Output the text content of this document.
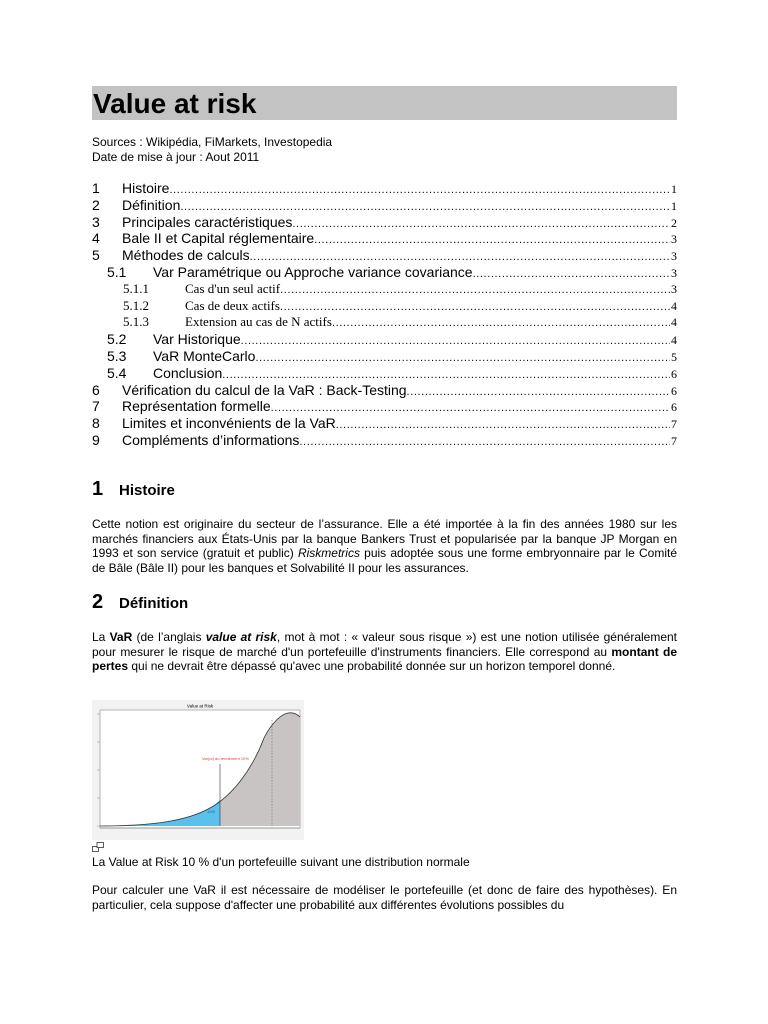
Value at risk
Sources : Wikipédia, FiMarkets, Investopedia
Date de mise à jour : Aout 2011
1	Histoire .....	1
2	Définition .....	1
3	Principales caractéristiques .....	2
4	Bale II et Capital réglementaire .....	3
5	Méthodes de calculs .....	3
5.1	Var Paramétrique ou Approche variance covariance .....	3
5.1.1	Cas d'un seul actif .....	3
5.1.2	Cas de deux actifs .....	4
5.1.3	Extension au cas de N actifs .....	4
5.2	Var Historique .....	4
5.3	VaR MonteCarlo .....	5
5.4	Conclusion .....	6
6	Vérification du calcul de la VaR : Back-Testing .....	6
7	Représentation formelle .....	6
8	Limites et inconvénients de la VaR .....	7
9	Compléments d’informations .....	7
1	Histoire

Cette notion est originaire du secteur de l’assurance. Elle a été importée à la fin des années 1980 sur les marchés financiers aux États-Unis par la banque Bankers Trust et popularisée par la banque JP Morgan en 1993 et son service (gratuit et public) Riskmetrics puis adoptée sous une forme embryonnaire par le Comité de Bâle (Bâle II) pour les banques et Solvabilité II pour les assurances.

2	Définition

La VaR (de l’anglais value at risk, mot à mot : « valeur sous risque ») est une notion utilisée généralement pour mesurer le risque de marché d'un portefeuille d'instruments financiers. Elle correspond au montant de pertes qui ne devrait être dépassé qu'avec une probabilité donnée sur un horizon temporel donné.

Value at Risk
Var(ut) du rendement 10%
10%
La Value at Risk 10 % d'un portefeuille suivant une distribution normale

Pour calculer une VaR il est nécessaire de modéliser le portefeuille (et donc de faire des hypothèses). En particulier, cela suppose d'affecter une probabilité aux différentes évolutions possibles du
